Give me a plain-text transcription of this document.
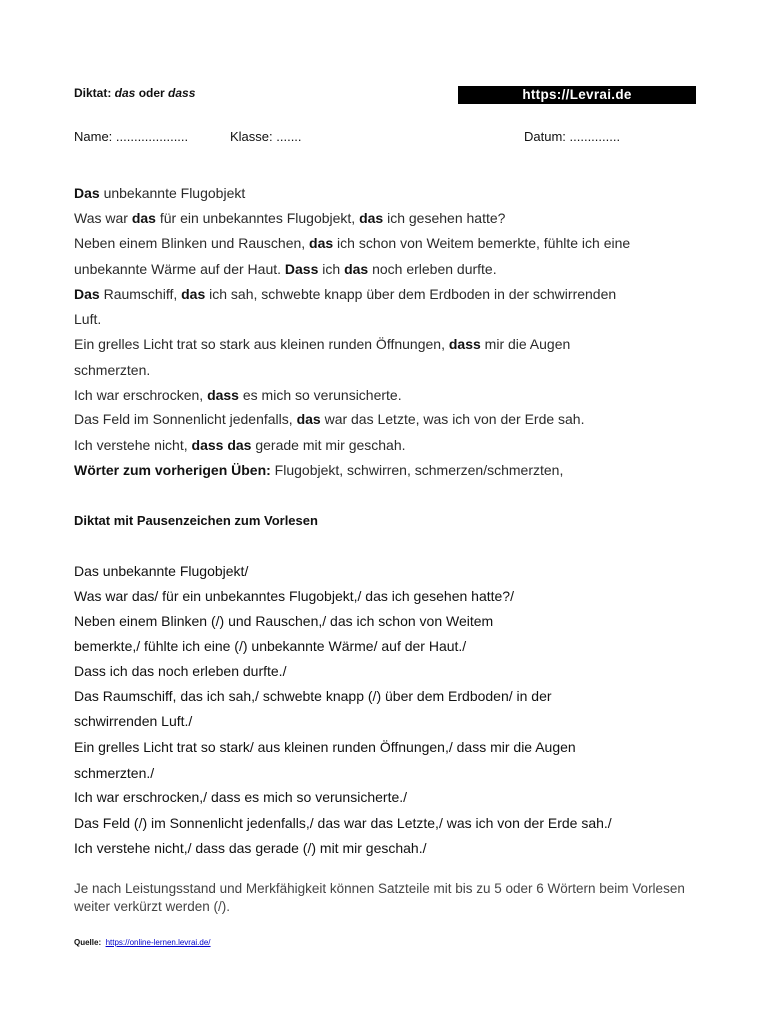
Diktat: das oder dass	https://Levrai.de
Name: ....................	Klasse: .......	Datum: ..............
Das unbekannte Flugobjekt
Was war das für ein unbekanntes Flugobjekt, das ich gesehen hatte?
Neben einem Blinken und Rauschen, das ich schon von Weitem bemerkte, fühlte ich eine
unbekannte Wärme auf der Haut. Dass ich das noch erleben durfte.
Das Raumschiff, das ich sah, schwebte knapp über dem Erdboden in der schwirrenden
Luft.
Ein grelles Licht trat so stark aus kleinen runden Öffnungen, dass mir die Augen
schmerzten.
Ich war erschrocken, dass es mich so verunsicherte.
Das Feld im Sonnenlicht jedenfalls, das war das Letzte, was ich von der Erde sah.
Ich verstehe nicht, dass das gerade mit mir geschah.
Wörter zum vorherigen Üben: Flugobjekt, schwirren, schmerzen/schmerzten,
Diktat mit Pausenzeichen zum Vorlesen
Das unbekannte Flugobjekt/
Was war das/ für ein unbekanntes Flugobjekt,/ das ich gesehen hatte?/
Neben einem Blinken (/) und Rauschen,/ das ich schon von Weitem
bemerkte,/ fühlte ich eine (/) unbekannte Wärme/ auf der Haut./
Dass ich das noch erleben durfte./
Das Raumschiff, das ich sah,/ schwebte knapp (/) über dem Erdboden/ in der
schwirrenden Luft./
Ein grelles Licht trat so stark/ aus kleinen runden Öffnungen,/ dass mir die Augen
schmerzten./
Ich war erschrocken,/ dass es mich so verunsicherte./
Das Feld (/) im Sonnenlicht jedenfalls,/ das war das Letzte,/ was ich von der Erde sah./
Ich verstehe nicht,/ dass das gerade (/) mit mir geschah./
Je nach Leistungsstand und Merkfähigkeit können Satzteile mit bis zu 5 oder 6 Wörtern beim Vorlesen weiter verkürzt werden (/).
Quelle: https://online-lernen.levrai.de/
